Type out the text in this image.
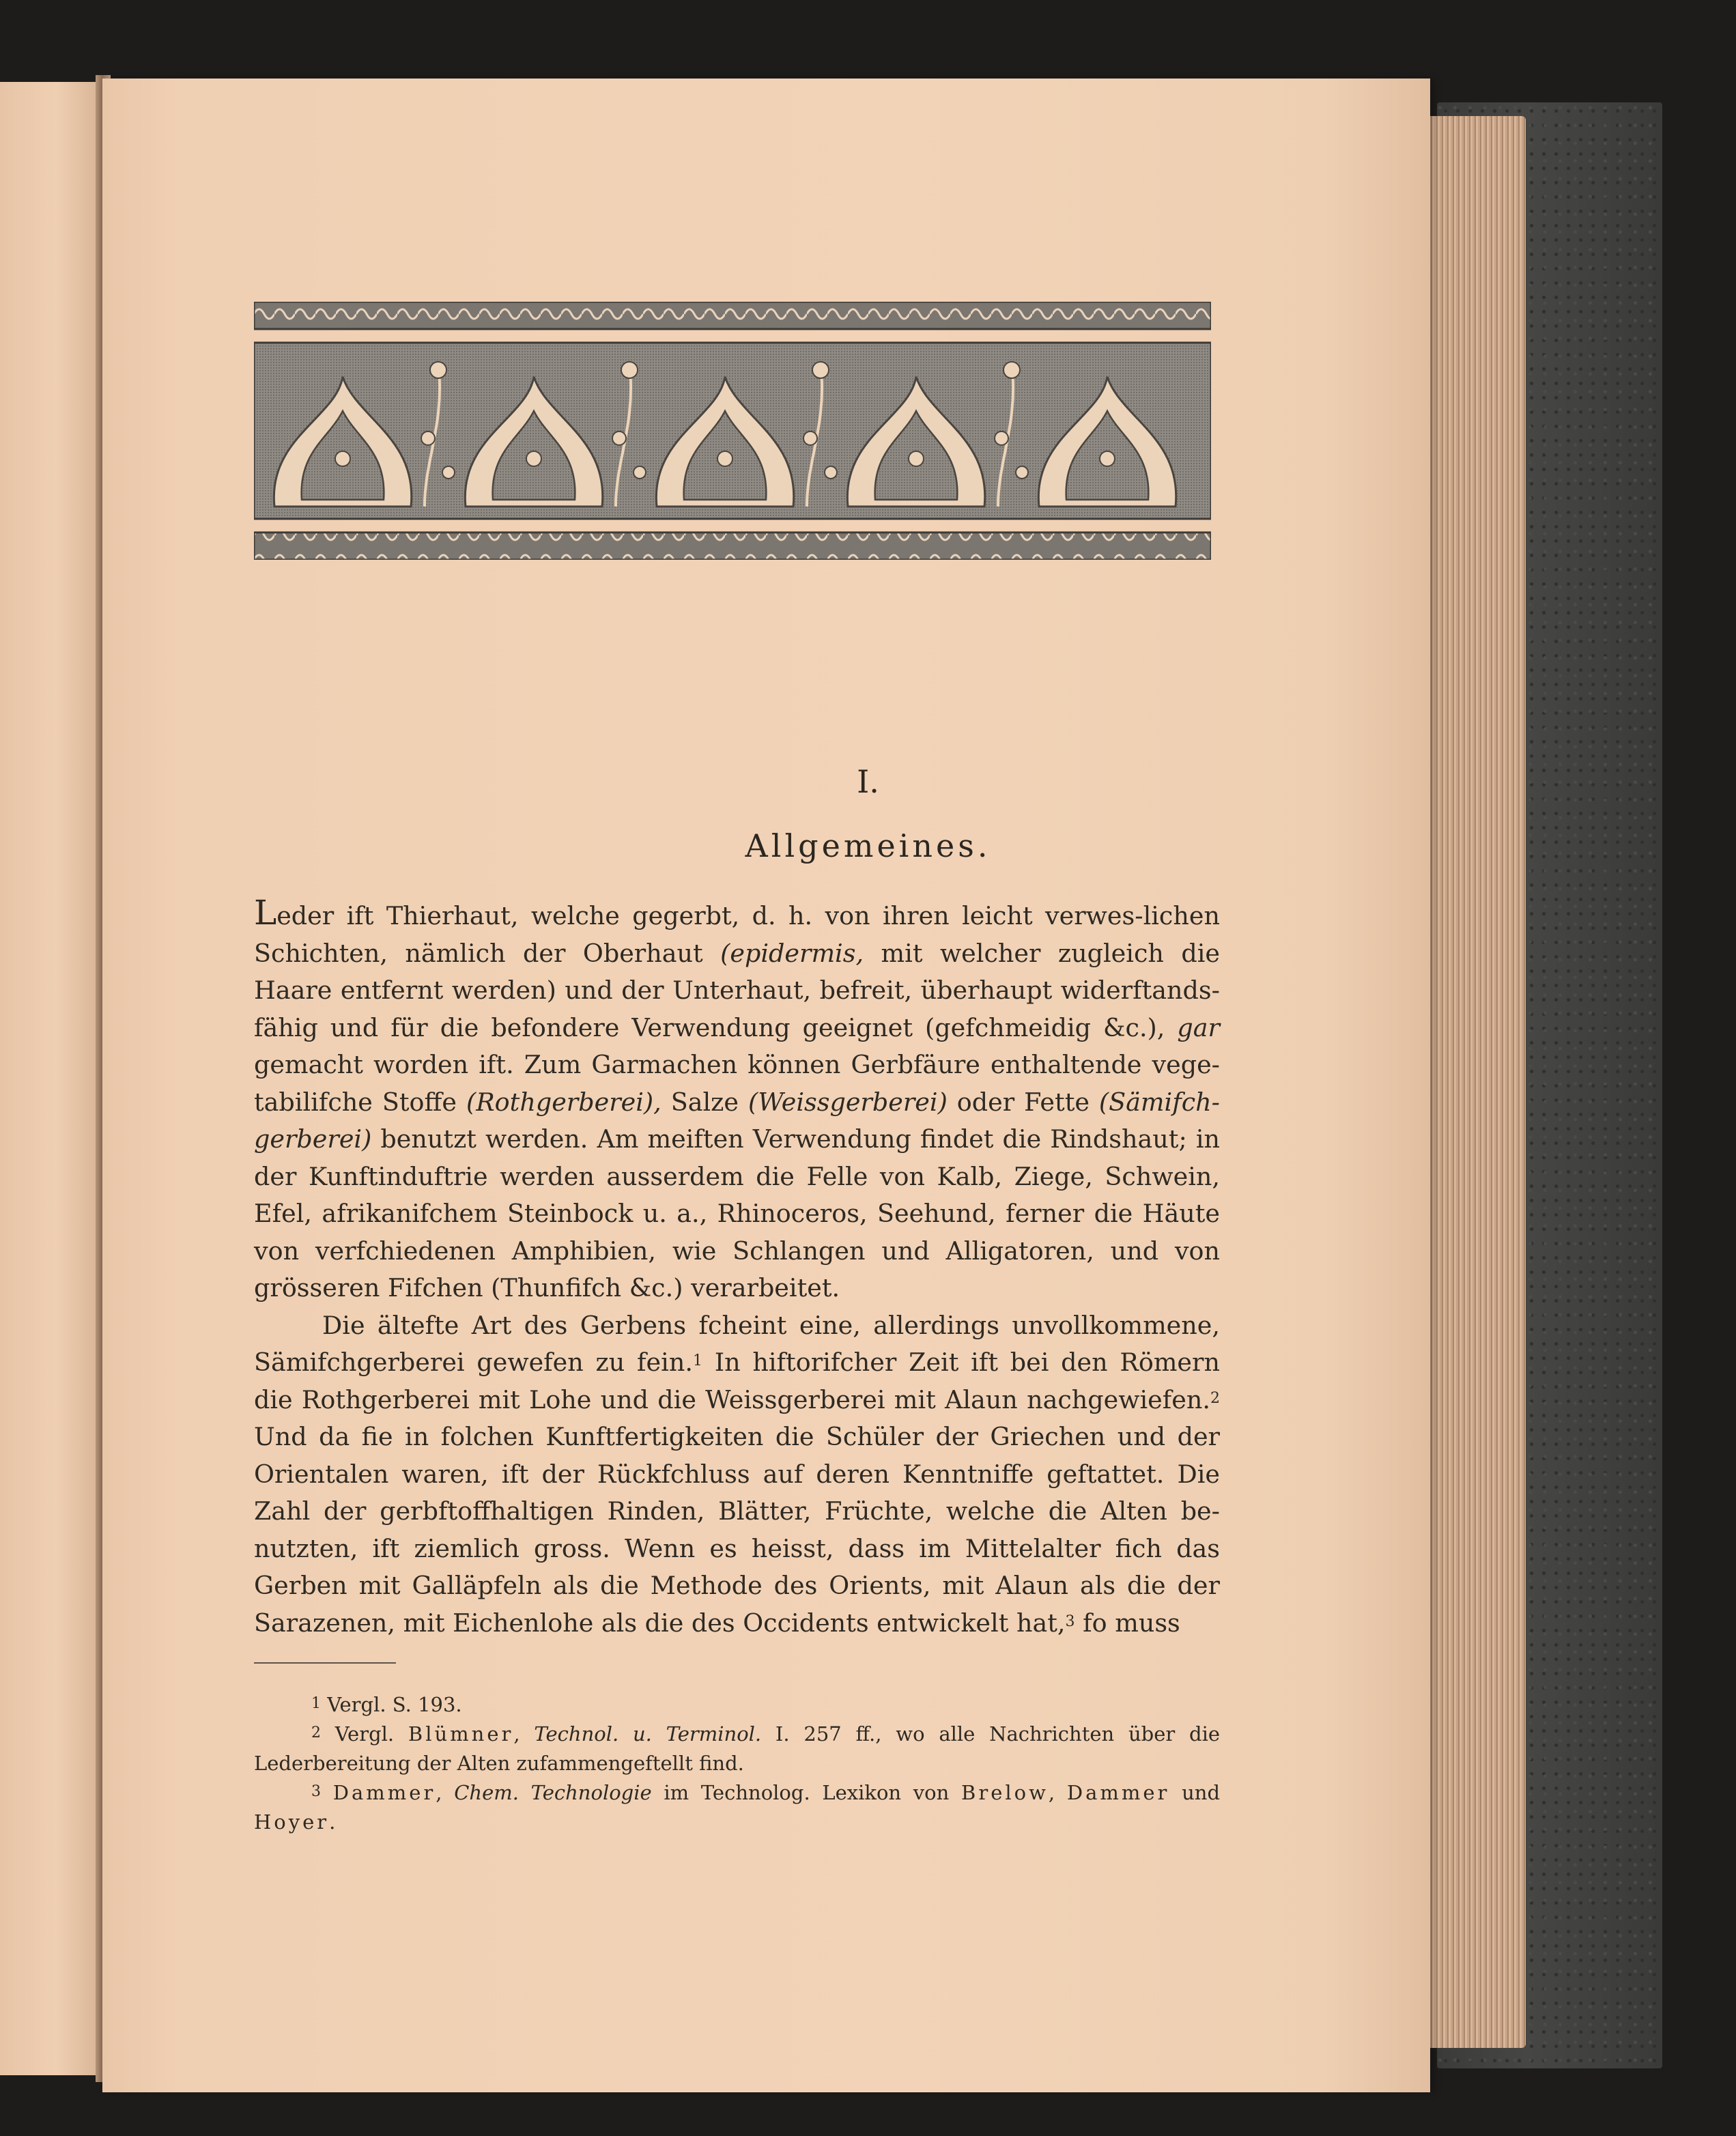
I.
Allgemeines.

Leder ift Thierhaut, welche gegerbt, d. h. von ihren leicht verwes-lichen Schichten, nämlich der Oberhaut (epidermis, mit welcher zugleich die Haare entfernt werden) und der Unterhaut, befreit, überhaupt widerftands-fähig und für die befondere Verwendung geeignet (gefchmeidig &c.), gar gemacht worden ift. Zum Garmachen können Gerbfäure enthaltende vege-tabilifche Stoffe (Rothgerberei), Salze (Weissgerberei) oder Fette (Sämifch-gerberei) benutzt werden. Am meiften Verwendung findet die Rindshaut; in der Kunftinduftrie werden ausserdem die Felle von Kalb, Ziege, Schwein, Efel, afrikanifchem Steinbock u. a., Rhinoceros, Seehund, ferner die Häute von verfchiedenen Amphibien, wie Schlangen und Alligatoren, und von grösseren Fifchen (Thunfifch &c.) verarbeitet.

Die ältefte Art des Gerbens fcheint eine, allerdings unvollkommene, Sämifchgerberei gewefen zu fein.$^1$ In hiftorifcher Zeit ift bei den Römern die Rothgerberei mit Lohe und die Weissgerberei mit Alaun nachgewiefen.$^2$ Und da fie in folchen Kunftfertigkeiten die Schüler der Griechen und der Orientalen waren, ift der Rückfchluss auf deren Kenntniffe geftattet. Die Zahl der gerbftoffhaltigen Rinden, Blätter, Früchte, welche die Alten be-nutzten, ift ziemlich gross. Wenn es heisst, dass im Mittelalter fich das Gerben mit Galläpfeln als die Methode des Orients, mit Alaun als die der Sarazenen, mit Eichenlohe als die des Occidents entwickelt hat,$^3$ fo muss

$^1$ Vergl. S. 193.

$^2$ Vergl. Blümner, Technol. u. Terminol. I. 257 ff., wo alle Nachrichten über die Lederbereitung der Alten zufammengeftellt find.

$^3$ Dammer, Chem. Technologie im Technolog. Lexikon von Brelow, Dammer und Hoyer.
